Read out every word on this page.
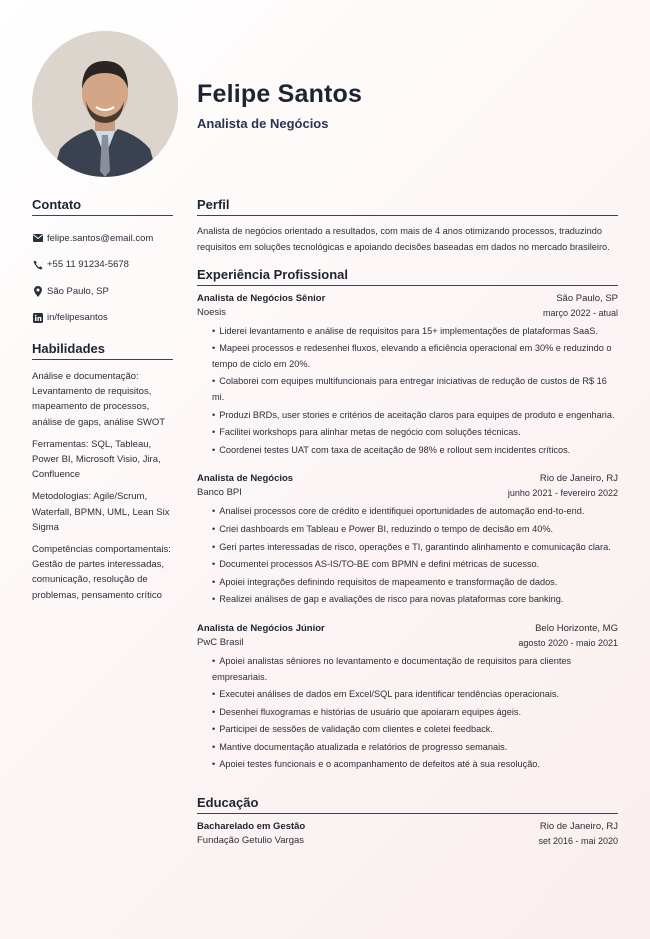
Felipe Santos
Analista de Negócios
Contato
felipe.santos@email.com
+55 11 91234-5678
São Paulo, SP
in/felipesantos
Habilidades
Análise e documentação: Levantamento de requisitos, mapeamento de processos, análise de gaps, análise SWOT
Ferramentas: SQL, Tableau, Power BI, Microsoft Visio, Jira, Confluence
Metodologias: Agile/Scrum, Waterfall, BPMN, UML, Lean Six Sigma
Competências comportamentais: Gestão de partes interessadas, comunicação, resolução de problemas, pensamento crítico
Perfil
Analista de negócios orientado a resultados, com mais de 4 anos otimizando processos, traduzindo requisitos em soluções tecnológicas e apoiando decisões baseadas em dados no mercado brasileiro.
Experiência Profissional
Analista de Negócios Sênior	São Paulo, SP
Noesis	março 2022 - atual
• Liderei levantamento e análise de requisitos para 15+ implementações de plataformas SaaS.
• Mapeei processos e redesenhei fluxos, elevando a eficiência operacional em 30% e reduzindo o tempo de ciclo em 20%.
• Colaborei com equipes multifuncionais para entregar iniciativas de redução de custos de R$ 16 mi.
• Produzi BRDs, user stories e critérios de aceitação claros para equipes de produto e engenharia.
• Facilitei workshops para alinhar metas de negócio com soluções técnicas.
• Coordenei testes UAT com taxa de aceitação de 98% e rollout sem incidentes críticos.
Analista de Negócios	Rio de Janeiro, RJ
Banco BPI	junho 2021 - fevereiro 2022
• Analisei processos core de crédito e identifiquei oportunidades de automação end-to-end.
• Criei dashboards em Tableau e Power BI, reduzindo o tempo de decisão em 40%.
• Geri partes interessadas de risco, operações e TI, garantindo alinhamento e comunicação clara.
• Documentei processos AS-IS/TO-BE com BPMN e defini métricas de sucesso.
• Apoiei integrações definindo requisitos de mapeamento e transformação de dados.
• Realizei análises de gap e avaliações de risco para novas plataformas core banking.
Analista de Negócios Júnior	Belo Horizonte, MG
PwC Brasil	agosto 2020 - maio 2021
• Apoiei analistas sêniores no levantamento e documentação de requisitos para clientes empresariais.
• Executei análises de dados em Excel/SQL para identificar tendências operacionais.
• Desenhei fluxogramas e histórias de usuário que apoiaram equipes ágeis.
• Participei de sessões de validação com clientes e coletei feedback.
• Mantive documentação atualizada e relatórios de progresso semanais.
• Apoiei testes funcionais e o acompanhamento de defeitos até à sua resolução.
Educação
Bacharelado em Gestão	Rio de Janeiro, RJ
Fundação Getulio Vargas	set 2016 - mai 2020
